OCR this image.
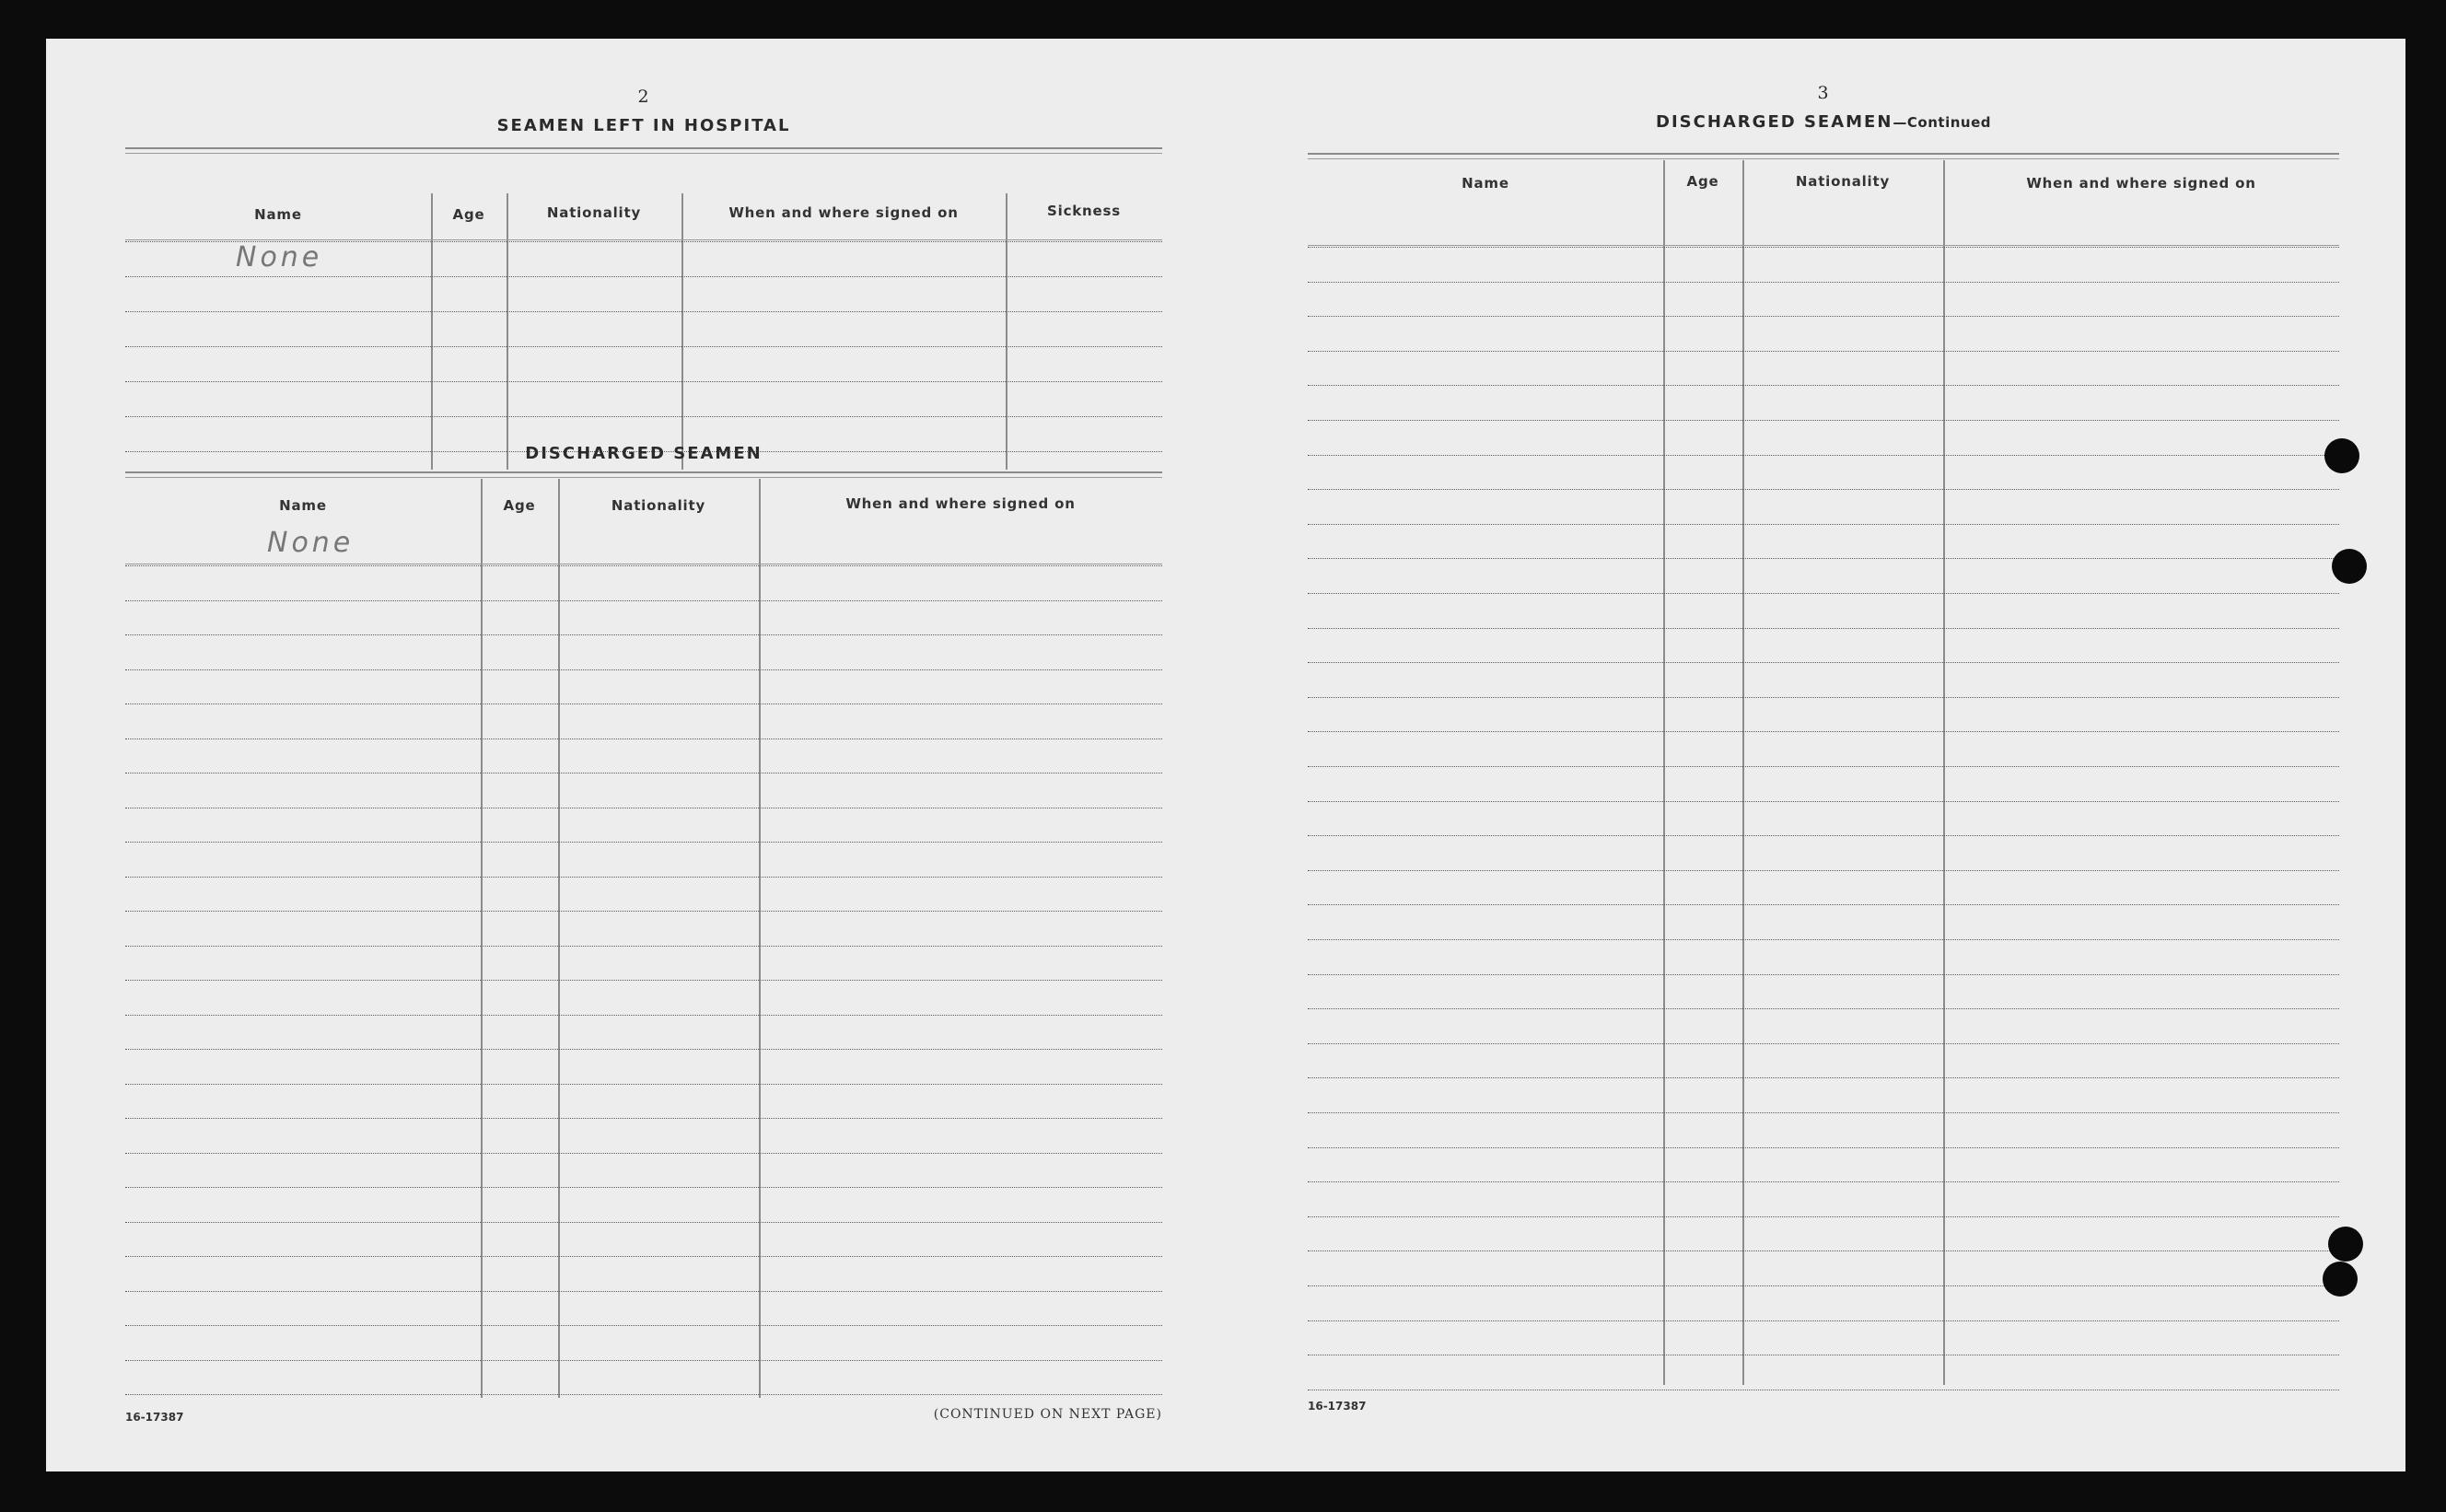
2
SEAMEN LEFT IN HOSPITAL
Name	Age	Nationality	When and where signed on	Sickness
None
DISCHARGED SEAMEN
Name	Age	Nationality	When and where signed on
None
16-17387	(CONTINUED ON NEXT PAGE)
3
DISCHARGED SEAMEN—Continued
Name	Age	Nationality	When and where signed on
16-17387
